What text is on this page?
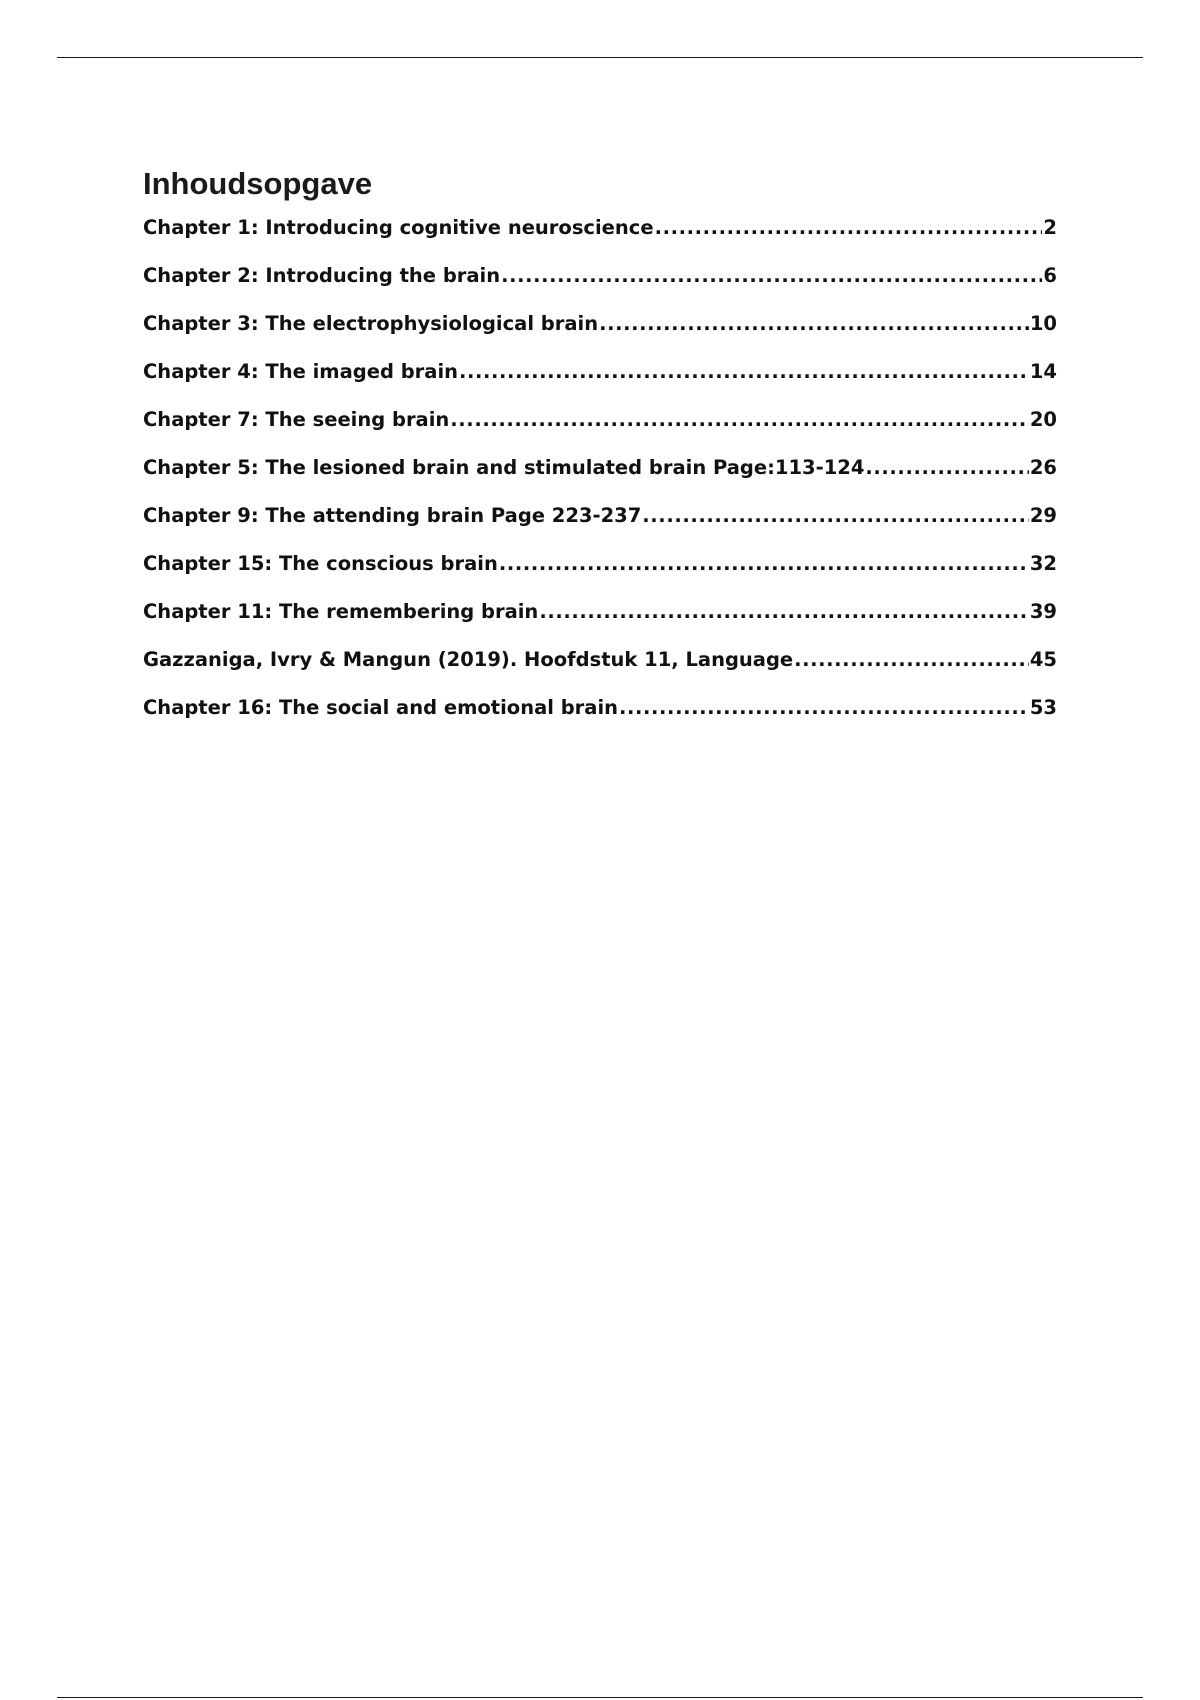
Inhoudsopgave
Chapter 1: Introducing cognitive neuroscience .....	2
Chapter 2: Introducing the brain .....	6
Chapter 3: The electrophysiological brain .....	10
Chapter 4: The imaged brain .....	14
Chapter 7: The seeing brain .....	20
Chapter 5: The lesioned brain and stimulated brain Page:113-124 .....	26
Chapter 9: The attending brain Page 223-237 .....	29
Chapter 15: The conscious brain .....	32
Chapter 11: The remembering brain .....	39
Gazzaniga, Ivry & Mangun (2019). Hoofdstuk 11, Language .....	45
Chapter 16: The social and emotional brain .....	53
